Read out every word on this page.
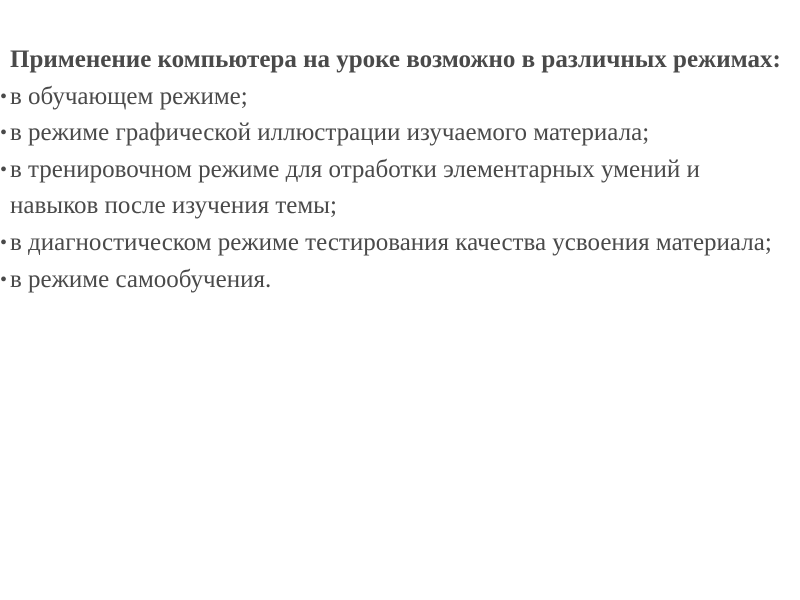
Применение компьютера на уроке возможно в различных режимах:

• в обучающем режиме;
• в режиме графической иллюстрации изучаемого материала;
• в тренировочном режиме для отработки элементарных умений и навыков после изучения темы;
• в диагностическом режиме тестирования качества усвоения материала;
• в режиме самообучения.
